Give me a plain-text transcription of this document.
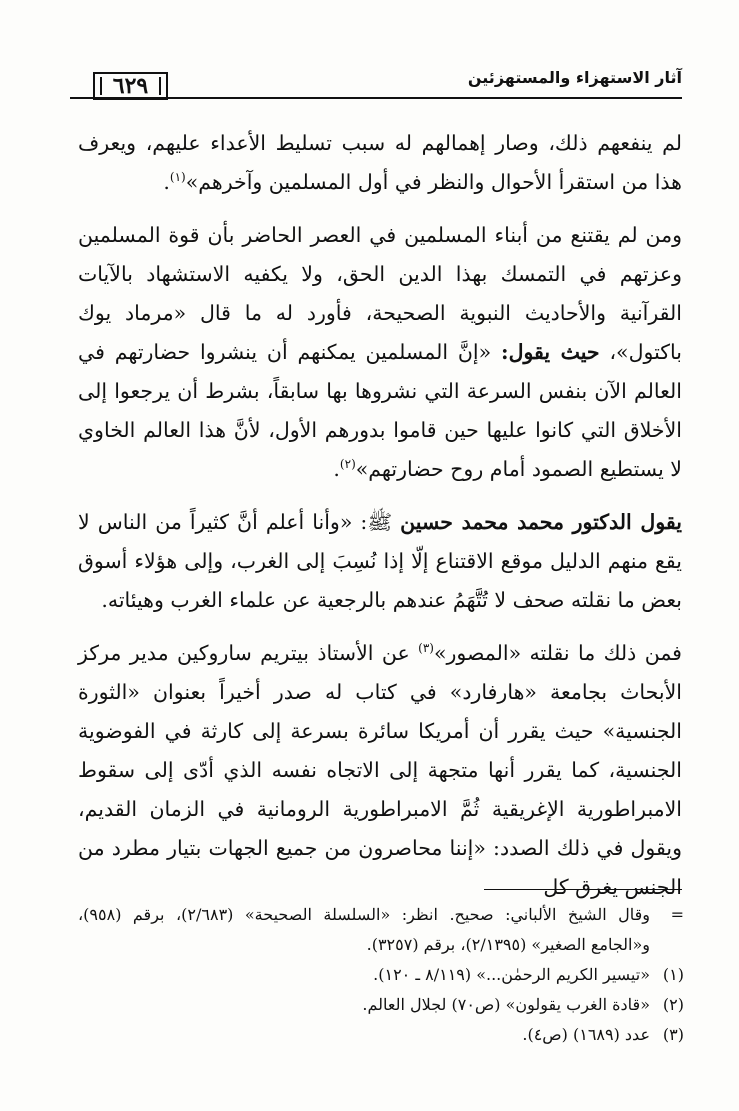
٦٢٩	آثار الاستهزاء والمستهزئين

لم ينفعهم ذلك، وصار إهمالهم له سبب تسليط الأعداء عليهم، ويعرف هذا من استقرأ الأحوال والنظر في أول المسلمين وآخرهم»$^{(١)}$.

ومن لم يقتنع من أبناء المسلمين في العصر الحاضر بأن قوة المسلمين وعزتهم في التمسك بهذا الدين الحق، ولا يكفيه الاستشهاد بالآيات القرآنية والأحاديث النبوية الصحيحة، فأورد له ما قال «مرماد يوك باكتول»، حيث يقول: «إنَّ المسلمين يمكنهم أن ينشروا حضارتهم في العالم الآن بنفس السرعة التي نشروها بها سابقاً، بشرط أن يرجعوا إلى الأخلاق التي كانوا عليها حين قاموا بدورهم الأول، لأنَّ هذا العالم الخاوي لا يستطيع الصمود أمام روح حضارتهم»$^{(٢)}$.

يقول الدكتور محمد محمد حسين ﷺ: «وأنا أعلم أنَّ كثيراً من الناس لا يقع منهم الدليل موقع الاقتناع إلّا إذا نُسِبَ إلى الغرب، وإلى هؤلاء أسوق بعض ما نقلته صحف لا تُتَّهَمُ عندهم بالرجعية عن علماء الغرب وهيئاته.

فمن ذلك ما نقلته «المصور»$^{(٣)}$ عن الأستاذ بيتريم ساروكين مدير مركز الأبحاث بجامعة «هارفارد» في كتاب له صدر أخيراً بعنوان «الثورة الجنسية» حيث يقرر أن أمريكا سائرة بسرعة إلى كارثة في الفوضوية الجنسية، كما يقرر أنها متجهة إلى الاتجاه نفسه الذي أدّى إلى سقوط الامبراطورية الإغريقية ثُمَّ الامبراطورية الرومانية في الزمان القديم، ويقول في ذلك الصدد: «إننا محاصرون من جميع الجهات بتيار مطرد من الجنس يغرق كل

=
وقال الشيخ الألباني: صحيح. انظر: «السلسلة الصحيحة» (٢/٦٨٣)، برقم (٩٥٨)، و«الجامع الصغير» (٢/١٣٩٥)، برقم (٣٢٥٧).

(١)
«تيسير الكريم الرحمٰن...» (٨/١١٩ ـ ١٢٠).

(٢)
«قادة الغرب يقولون» (ص٧٠) لجلال العالم.

(٣)
عدد (١٦٨٩) (ص٤).
